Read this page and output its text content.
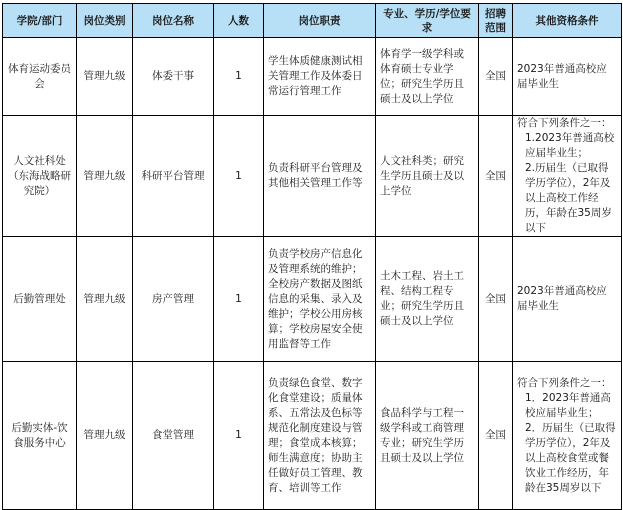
学院/部门	岗位类别	岗位名称	人数	岗位职责	专业、学历/学位要求	招聘范围	其他资格条件
体育运动委员会	管理九级	体委干事	1	学生体质健康测试相关管理工作及体委日常运行管理工作	体育学一级学科或体育硕士专业学位；研究生学历且硕士及以上学位	全国	2023年普通高校应届毕业生

人文社科处（东海战略研究院）	管理九级	科研平台管理	1	负责科研平台管理及其他相关管理工作等	人文社科类；研究生学历且硕士及以上学位	全国	符合下列条件之一：
1.2023年普通高校应届毕业生；
2.历届生（已取得学历学位），2年及以上高校工作经历，年龄在35周岁以下

后勤管理处	管理九级	房产管理	1	负责学校房产信息化及管理系统的维护；全校房产数据及图纸信息的采集、录入及维护；学校公用房核算；学校房屋安全使用监督等工作	土木工程、岩土工程、结构工程专业；研究生学历且硕士及以上学位	全国	2023年普通高校应届毕业生

后勤实体-饮食服务中心	管理九级	食堂管理	1	负责绿色食堂、数字化食堂建设；质量体系、五常法及色标等规范化制度建设与管理；食堂成本核算；师生满意度；协助主任做好员工管理、教育、培训等工作	食品科学与工程一级学科或工商管理专业；研究生学历且硕士及以上学位	全国	符合下列条件之一：
1．2023年普通高校应届毕业生；
2．历届生（已取得学历学位），2年及以上高校食堂或餐饮业工作经历，年龄在35周岁以下
